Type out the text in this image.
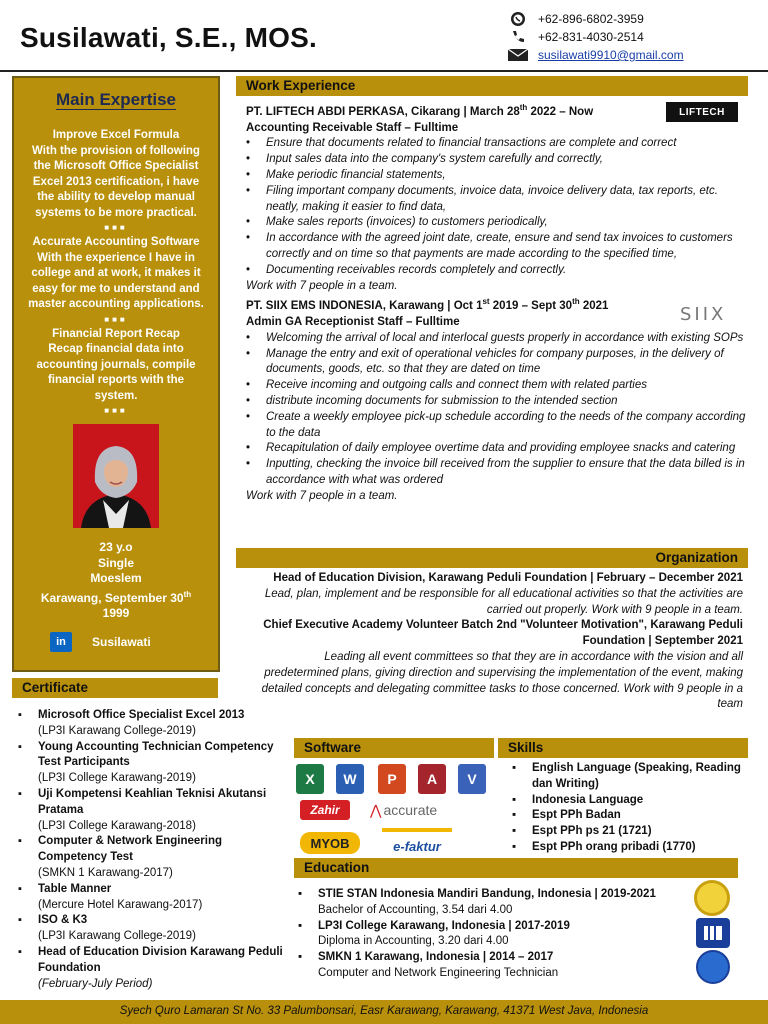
Susilawati, S.E., MOS.
+62-896-6802-3959
+62-831-4030-2514
susilawati9910@gmail.com
Main Expertise
Improve Excel Formula
With the provision of following the Microsoft Office Specialist Excel 2013 certification, i have the ability to develop manual systems to be more practical.
■■■
Accurate Accounting Software
With the experience I have in college and at work, it makes it easy for me to understand and master accounting applications.
■■■
Financial Report Recap
Recap financial data into accounting journals, compile financial reports with the system.
■■■
23 y.o
Single
Moeslem
Karawang, September 30th
1999
in	Susilawati
Work Experience
LIFTECH
SIIX
PT. LIFTECH ABDI PERKASA, Cikarang | March 28th 2022 – Now
Accounting Receivable Staff – Fulltime
• Ensure that documents related to financial transactions are complete and correct
• Input sales data into the company's system carefully and correctly,
• Make periodic financial statements,
• Filing important company documents, invoice data, invoice delivery data, tax reports, etc. neatly, making it easier to find data,
• Make sales reports (invoices) to customers periodically,
• In accordance with the agreed joint date, create, ensure and send tax invoices to customers correctly and on time so that payments are made according to the specified time,
• Documenting receivables records completely and correctly.
Work with 7 people in a team.
PT. SIIX EMS INDONESIA, Karawang | Oct 1st 2019 – Sept 30th 2021
Admin GA Receptionist Staff – Fulltime
• Welcoming the arrival of local and interlocal guests properly in accordance with existing SOPs
• Manage the entry and exit of operational vehicles for company purposes, in the delivery of documents, goods, etc. so that they are dated on time
• Receive incoming and outgoing calls and connect them with related parties
• distribute incoming documents for submission to the intended section
• Create a weekly employee pick-up schedule according to the needs of the company according to the data
• Recapitulation of daily employee overtime data and providing employee snacks and catering
• Inputting, checking the invoice bill received from the supplier to ensure that the data billed is in accordance with what was ordered
Work with 7 people in a team.
Organization
Head of Education Division, Karawang Peduli Foundation | February – December 2021
Lead, plan, implement and be responsible for all educational activities so that the activities are carried out properly. Work with 9 people in a team.
Chief Executive Academy Volunteer Batch 2nd "Volunteer Motivation", Karawang Peduli Foundation | September 2021
Leading all event committees so that they are in accordance with the vision and all predetermined plans, giving direction and supervising the implementation of the event, making detailed concepts and delegating committee tasks to those concerned. Work with 9 people in a team
Certificate
▪ Microsoft Office Specialist Excel 2013
(LP3I Karawang College-2019)
▪ Young Accounting Technician Competency Test Participants
(LP3I College Karawang-2019)
▪ Uji Kompetensi Keahlian Teknisi Akutansi Pratama
(LP3I College Karawang-2018)
▪ Computer & Network Engineering Competency Test
(SMKN 1 Karawang-2017)
▪ Table Manner
(Mercure Hotel Karawang-2017)
▪ ISO & K3
(LP3I Karawang College-2019)
▪ Head of Education Division Karawang Peduli Foundation
(February-July Period)
Software
X	W	P	A	V
Zahir	⋀ accurate
MYOB	e-faktur
Skills
▪ English Language (Speaking, Reading dan Writing)
▪ Indonesia Language
▪ Espt PPh Badan
▪ Espt PPh ps 21 (1721)
▪ Espt PPh orang pribadi (1770)
Education
▪ STIE STAN Indonesia Mandiri Bandung, Indonesia | 2019-2021
Bachelor of Accounting, 3.54 dari 4.00
▪ LP3I College Karawang, Indonesia | 2017-2019
Diploma in Accounting, 3.20 dari 4.00
▪ SMKN 1 Karawang, Indonesia | 2014 – 2017
Computer and Network Engineering Technician
Syech Quro Lamaran St No. 33 Palumbonsari, Easr Karawang, Karawang, 41371 West Java, Indonesia
